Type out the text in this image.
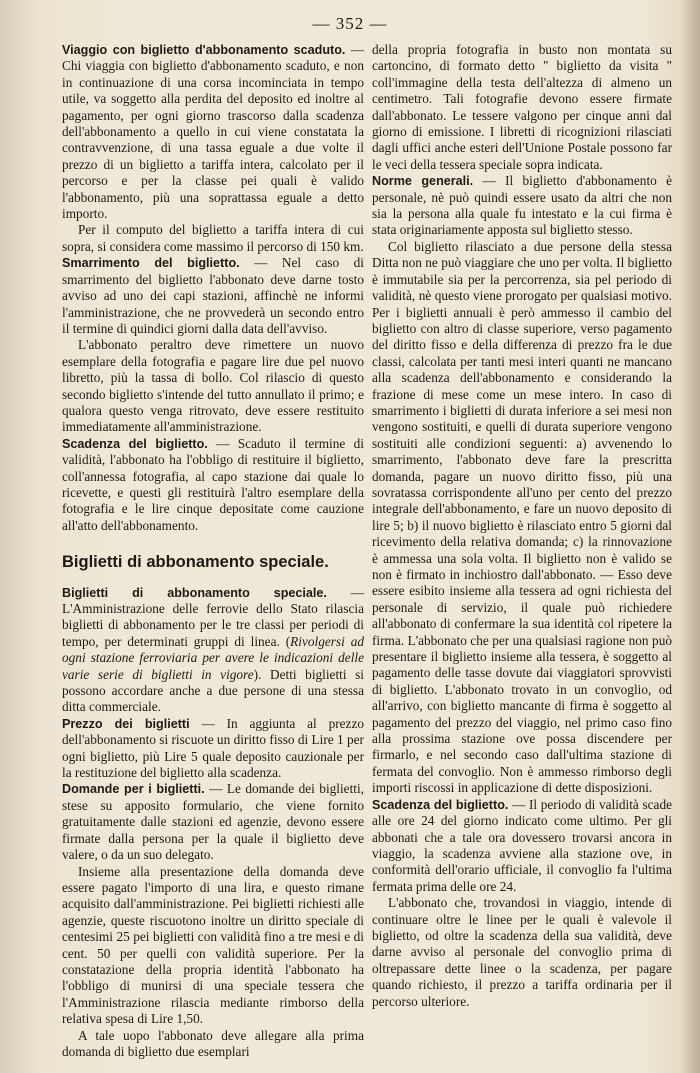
— 352 —

Viaggio con biglietto d'abbonamento scaduto. — Chi viaggia con biglietto d'abbonamento scaduto, e non in continuazione di una corsa incominciata in tempo utile, va soggetto alla perdita del deposito ed inoltre al pagamento, per ogni giorno trascorso dalla scadenza dell'abbonamento a quello in cui viene constatata la contravvenzione, di una tassa eguale a due volte il prezzo di un biglietto a tariffa intera, calcolato per il percorso e per la classe pei quali è valido l'abbonamento, più una soprattassa eguale a detto importo.

Per il computo del biglietto a tariffa intera di cui sopra, si considera come massimo il percorso di 150 km.

Smarrimento del biglietto. — Nel caso di smarrimento del biglietto l'abbonato deve darne tosto avviso ad uno dei capi stazioni, affinchè ne informi l'amministrazione, che ne provvederà un secondo entro il termine di quindici giorni dalla data dell'avviso.

L'abbonato peraltro deve rimettere un nuovo esemplare della fotografia e pagare lire due pel nuovo libretto, più la tassa di bollo. Col rilascio di questo secondo biglietto s'intende del tutto annullato il primo; e qualora questo venga ritrovato, deve essere restituito immediatamente all'amministrazione.

Scadenza del biglietto. — Scaduto il termine di validità, l'abbonato ha l'obbligo di restituire il biglietto, coll'annessa fotografia, al capo stazione dai quale lo ricevette, e questi gli restituirà l'altro esemplare della fotografia e le lire cinque depositate come cauzione all'atto dell'abbonamento.

Biglietti di abbonamento speciale.

Biglietti di abbonamento speciale. — L'Amministrazione delle ferrovie dello Stato rilascia biglietti di abbonamento per le tre classi per periodi di tempo, per determinati gruppi di linea. (Rivolgersi ad ogni stazione ferroviaria per avere le indicazioni delle varie serie di biglietti in vigore). Detti biglietti si possono accordare anche a due persone di una stessa ditta commerciale.

Prezzo dei biglietti — In aggiunta al prezzo dell'abbonamento si riscuote un diritto fisso di Lire 1 per ogni biglietto, più Lire 5 quale deposito cauzionale per la restituzione del biglietto alla scadenza.

Domande per i biglietti. — Le domande dei biglietti, stese su apposito formulario, che viene fornito gratuitamente dalle stazioni ed agenzie, devono essere firmate dalla persona per la quale il biglietto deve valere, o da un suo delegato.

Insieme alla presentazione della domanda deve essere pagato l'importo di una lira, e questo rimane acquisito dall'amministrazione. Pei biglietti richiesti alle agenzie, queste riscuotono inoltre un diritto speciale di centesimi 25 pei biglietti con validità fino a tre mesi e di cent. 50 per quelli con validità superiore. Per la constatazione della propria identità l'abbonato ha l'obbligo di munirsi di una speciale tessera che l'Amministrazione rilascia mediante rimborso della relativa spesa di Lire 1,50.

A tale uopo l'abbonato deve allegare alla prima domanda di biglietto due esemplari

della propria fotografia in busto non montata su cartoncino, di formato detto " biglietto da visita " coll'immagine della testa dell'altezza di almeno un centimetro. Tali fotografie devono essere firmate dall'abbonato. Le tessere valgono per cinque anni dal giorno di emissione. I libretti di ricognizioni rilasciati dagli uffici anche esteri dell'Unione Postale possono far le veci della tessera speciale sopra indicata.

Norme generali. — Il biglietto d'abbonamento è personale, nè può quindi essere usato da altri che non sia la persona alla quale fu intestato e la cui firma è stata originariamente apposta sul biglietto stesso.

Col biglietto rilasciato a due persone della stessa Ditta non ne può viaggiare che uno per volta. Il biglietto è immutabile sia per la percorrenza, sia pel periodo di validità, nè questo viene prorogato per qualsiasi motivo. Per i biglietti annuali è però ammesso il cambio del biglietto con altro di classe superiore, verso pagamento del diritto fisso e della differenza di prezzo fra le due classi, calcolata per tanti mesi interi quanti ne mancano alla scadenza dell'abbonamento e considerando la frazione di mese come un mese intero. In caso di smarrimento i biglietti di durata inferiore a sei mesi non vengono sostituiti, e quelli di durata superiore vengono sostituiti alle condizioni seguenti: a) avvenendo lo smarrimento, l'abbonato deve fare la prescritta domanda, pagare un nuovo diritto fisso, più una sovratassa corrispondente all'uno per cento del prezzo integrale dell'abbonamento, e fare un nuovo deposito di lire 5; b) il nuovo biglietto è rilasciato entro 5 giorni dal ricevimento della relativa domanda; c) la rinnovazione è ammessa una sola volta. Il biglietto non è valido se non è firmato in inchiostro dall'abbonato. — Esso deve essere esibito insieme alla tessera ad ogni richiesta del personale di servizio, il quale può richiedere all'abbonato di confermare la sua identità col ripetere la firma. L'abbonato che per una qualsiasi ragione non può presentare il biglietto insieme alla tessera, è soggetto al pagamento delle tasse dovute dai viaggiatori sprovvisti di biglietto. L'abbonato trovato in un convoglio, od all'arrivo, con biglietto mancante di firma è soggetto al pagamento del prezzo del viaggio, nel primo caso fino alla prossima stazione ove possa discendere per firmarlo, e nel secondo caso dall'ultima stazione di fermata del convoglio. Non è ammesso rimborso degli importi riscossi in applicazione di dette disposizioni.

Scadenza del biglietto. — Il periodo di validità scade alle ore 24 del giorno indicato come ultimo. Per gli abbonati che a tale ora dovessero trovarsi ancora in viaggio, la scadenza avviene alla stazione ove, in conformità dell'orario ufficiale, il convoglio fa l'ultima fermata prima delle ore 24.

L'abbonato che, trovandosi in viaggio, intende di continuare oltre le linee per le quali è valevole il biglietto, od oltre la scadenza della sua validità, deve darne avviso al personale del convoglio prima di oltrepassare dette linee o la scadenza, per pagare quando richiesto, il prezzo a tariffa ordinaria per il percorso ulteriore.
